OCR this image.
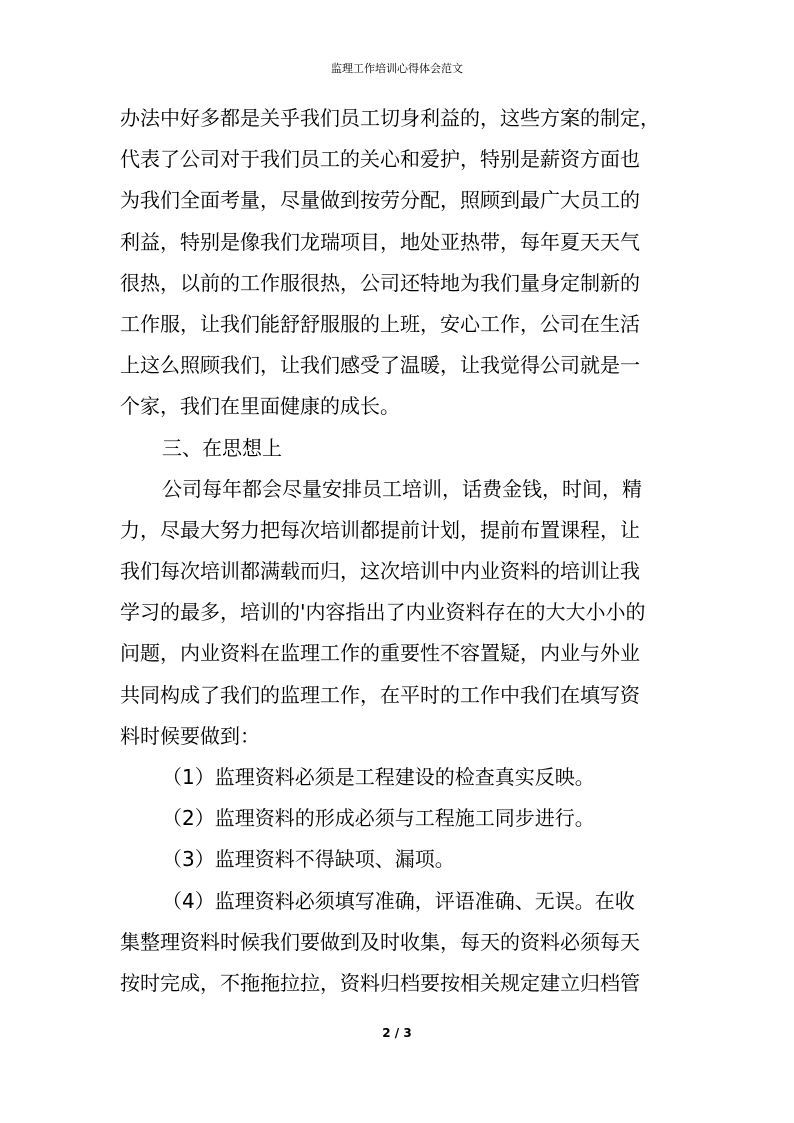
监理工作培训心得体会范文
办法中好多都是关乎我们员工切身利益的，这些方案的制定，
代表了公司对于我们员工的关心和爱护，特别是薪资方面也
为我们全面考量，尽量做到按劳分配，照顾到最广大员工的
利益，特别是像我们龙瑞项目，地处亚热带，每年夏天天气
很热，以前的工作服很热，公司还特地为我们量身定制新的
工作服，让我们能舒舒服服的上班，安心工作，公司在生活
上这么照顾我们，让我们感受了温暖，让我觉得公司就是一
个家，我们在里面健康的成长。
三、在思想上
公司每年都会尽量安排员工培训，话费金钱，时间，精
力，尽最大努力把每次培训都提前计划，提前布置课程，让
我们每次培训都满载而归，这次培训中内业资料的培训让我
学习的最多，培训的'内容指出了内业资料存在的大大小小的
问题，内业资料在监理工作的重要性不容置疑，内业与外业
共同构成了我们的监理工作，在平时的工作中我们在填写资
料时候要做到：
（1）监理资料必须是工程建设的检查真实反映。
（2）监理资料的形成必须与工程施工同步进行。
（3）监理资料不得缺项、漏项。
（4）监理资料必须填写准确，评语准确、无误。在收
集整理资料时候我们要做到及时收集，每天的资料必须每天
按时完成，不拖拖拉拉，资料归档要按相关规定建立归档管
2 / 3
